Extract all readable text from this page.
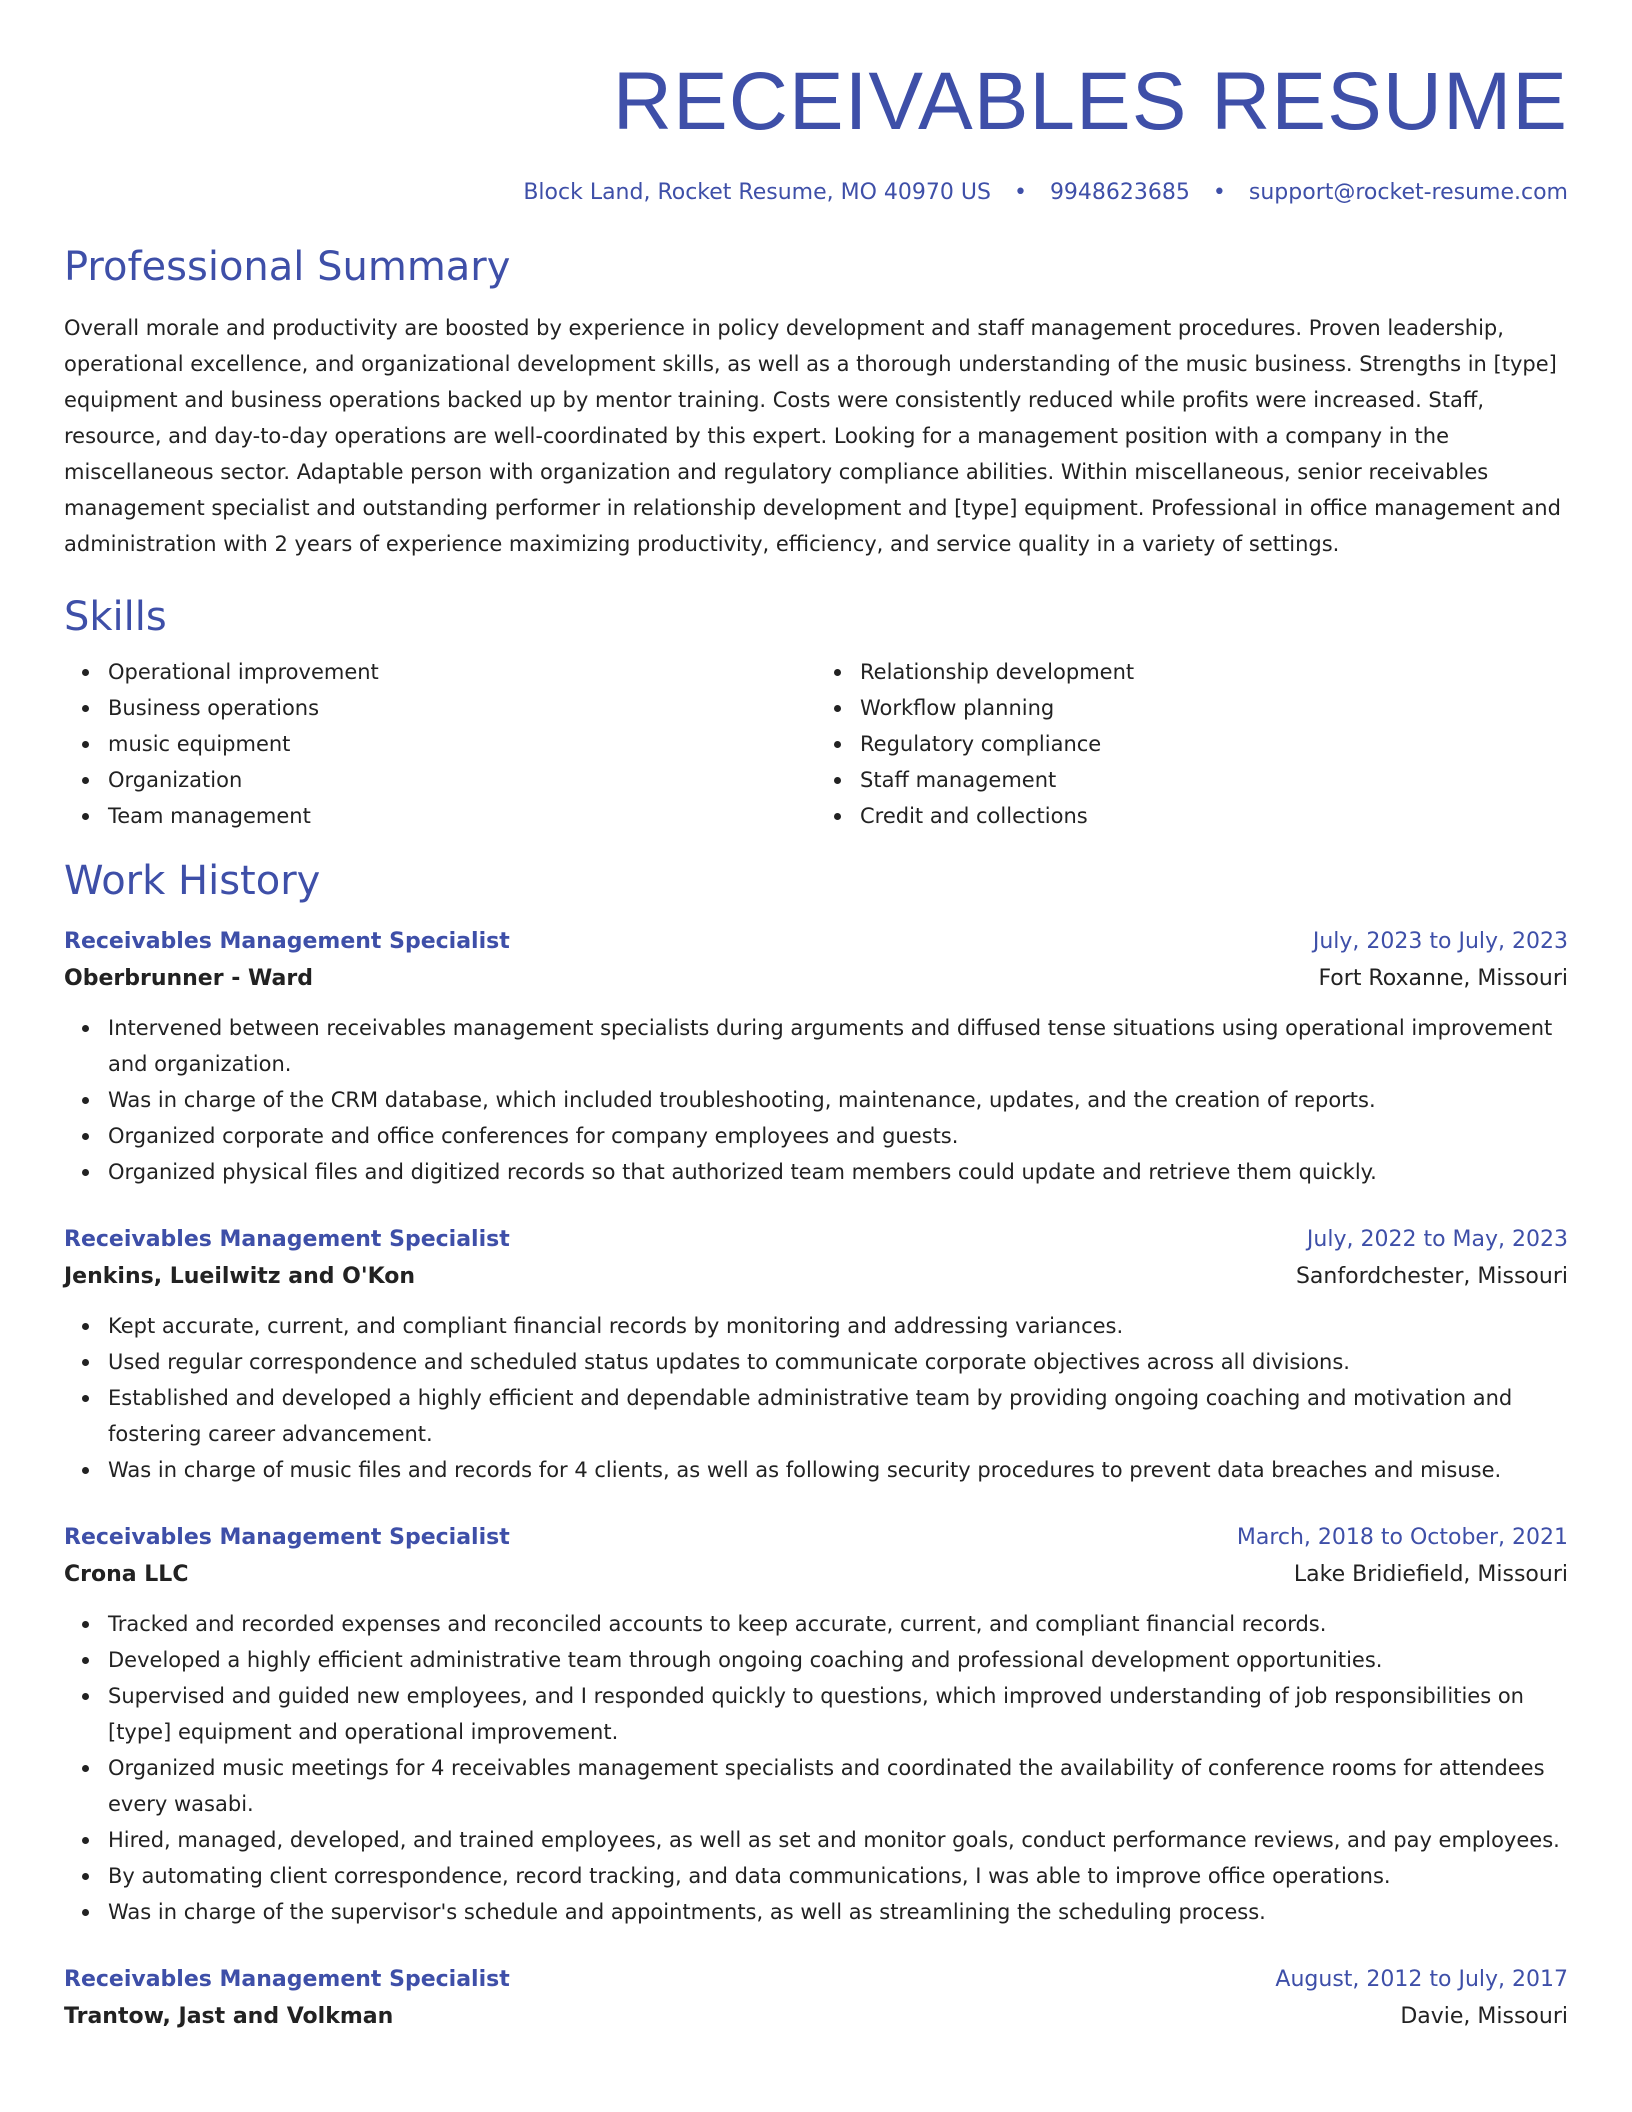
RECEIVABLES RESUME
Block Land, Rocket Resume, MO 40970 US • 9948623685 • support@rocket-resume.com
Professional Summary
Overall morale and productivity are boosted by experience in policy development and staff management procedures. Proven leadership, operational excellence, and organizational development skills, as well as a thorough understanding of the music business. Strengths in [type] equipment and business operations backed up by mentor training. Costs were consistently reduced while profits were increased. Staff, resource, and day-to-day operations are well-coordinated by this expert. Looking for a management position with a company in the miscellaneous sector. Adaptable person with organization and regulatory compliance abilities. Within miscellaneous, senior receivables management specialist and outstanding performer in relationship development and [type] equipment. Professional in office management and administration with 2 years of experience maximizing productivity, efficiency, and service quality in a variety of settings.
Skills
Operational improvement
Business operations
music equipment
Organization
Team management
Relationship development
Workflow planning
Regulatory compliance
Staff management
Credit and collections
Work History
Receivables Management Specialist	July, 2023 to July, 2023
Oberbrunner - Ward	Fort Roxanne, Missouri
Intervened between receivables management specialists during arguments and diffused tense situations using operational improvement and organization.
Was in charge of the CRM database, which included troubleshooting, maintenance, updates, and the creation of reports.
Organized corporate and office conferences for company employees and guests.
Organized physical files and digitized records so that authorized team members could update and retrieve them quickly.
Receivables Management Specialist	July, 2022 to May, 2023
Jenkins, Lueilwitz and O'Kon	Sanfordchester, Missouri
Kept accurate, current, and compliant financial records by monitoring and addressing variances.
Used regular correspondence and scheduled status updates to communicate corporate objectives across all divisions.
Established and developed a highly efficient and dependable administrative team by providing ongoing coaching and motivation and fostering career advancement.
Was in charge of music files and records for 4 clients, as well as following security procedures to prevent data breaches and misuse.
Receivables Management Specialist	March, 2018 to October, 2021
Crona LLC	Lake Bridiefield, Missouri
Tracked and recorded expenses and reconciled accounts to keep accurate, current, and compliant financial records.
Developed a highly efficient administrative team through ongoing coaching and professional development opportunities.
Supervised and guided new employees, and I responded quickly to questions, which improved understanding of job responsibilities on [type] equipment and operational improvement.
Organized music meetings for 4 receivables management specialists and coordinated the availability of conference rooms for attendees every wasabi.
Hired, managed, developed, and trained employees, as well as set and monitor goals, conduct performance reviews, and pay employees.
By automating client correspondence, record tracking, and data communications, I was able to improve office operations.
Was in charge of the supervisor's schedule and appointments, as well as streamlining the scheduling process.
Receivables Management Specialist	August, 2012 to July, 2017
Trantow, Jast and Volkman	Davie, Missouri
